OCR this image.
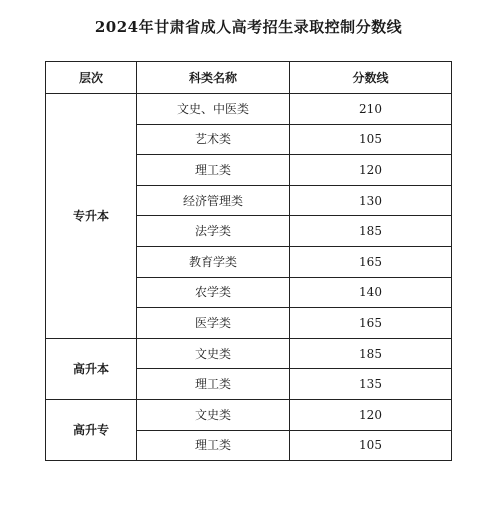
2024年甘肃省成人高考招生录取控制分数线
层次	科类名称	分数线
专升本	文史、中医类	210
	艺术类	105
	理工类	120
	经济管理类	130
	法学类	185
	教育学类	165
	农学类	140
	医学类	165
高升本	文史类	185
	理工类	135
高升专	文史类	120
	理工类	105
